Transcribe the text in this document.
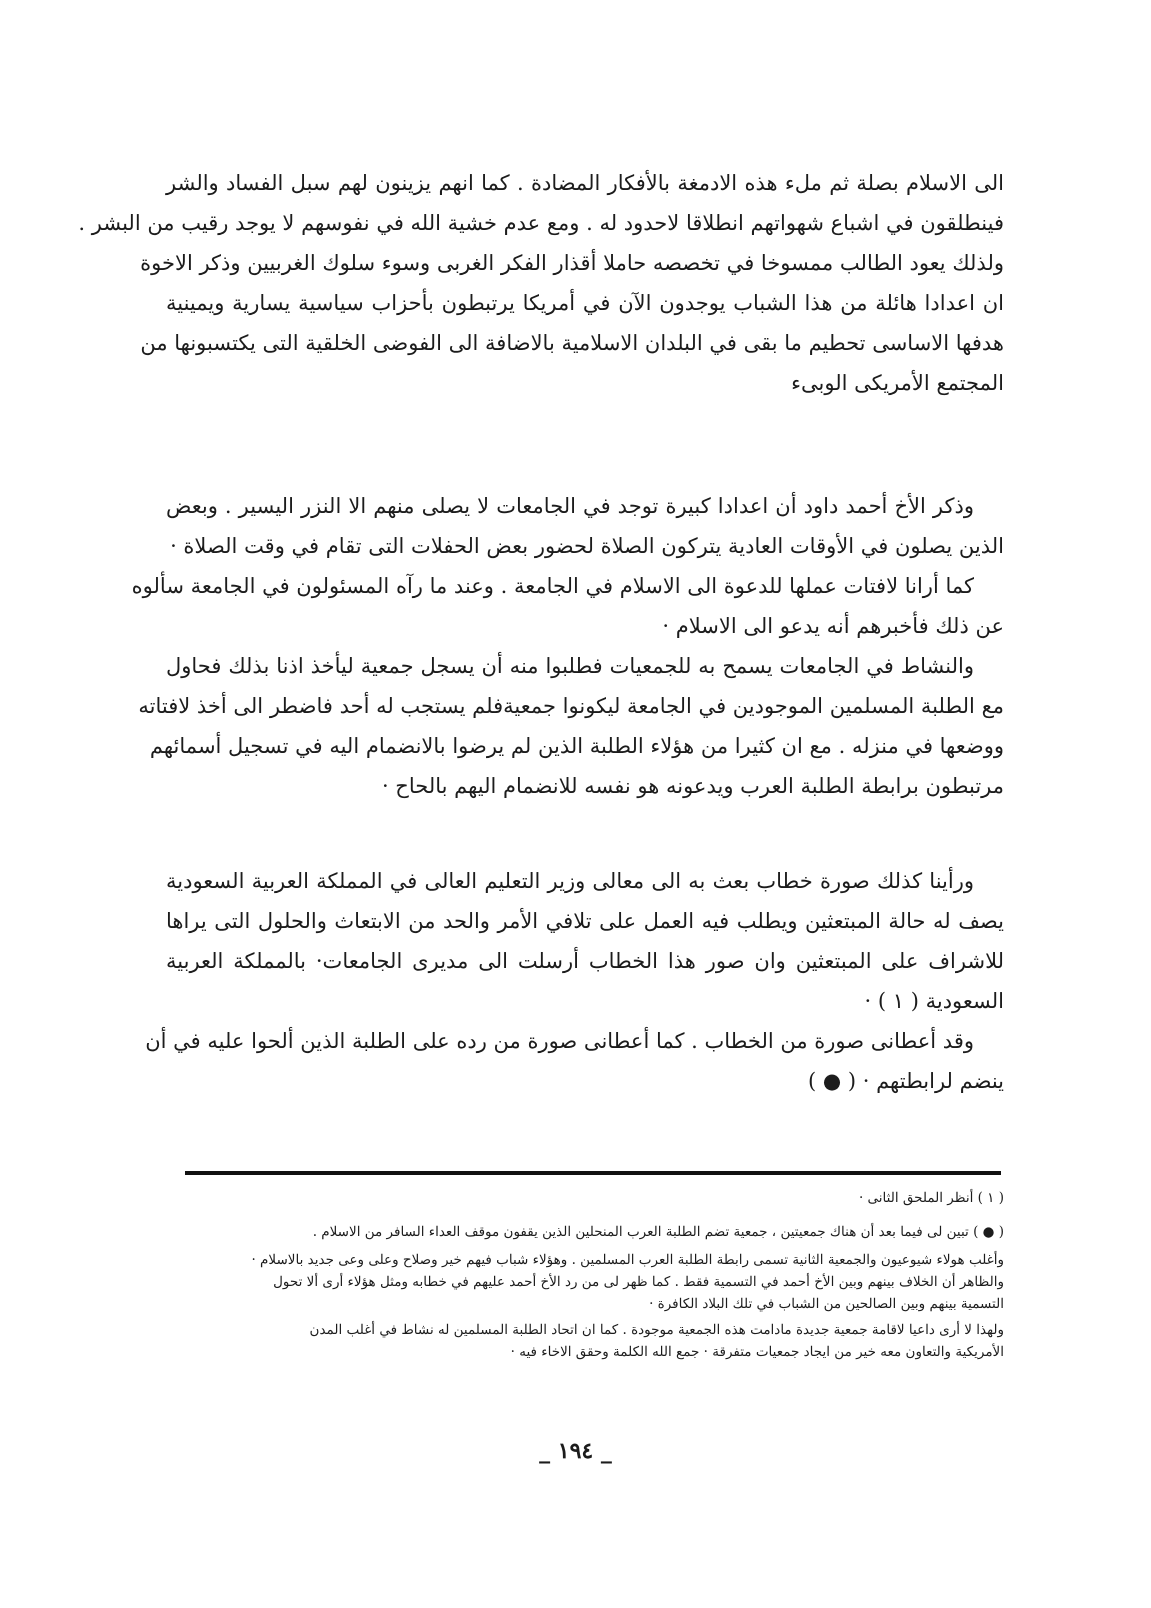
الى الاسلام بصلة ثم ملء هذه الادمغة بالأفكار المضادة . كما انهم يزينون لهم سبل الفساد والشر
فينطلقون في اشباع شهواتهم انطلاقا لاحدود له . ومع عدم خشية الله في نفوسهم لا يوجد رقيب من البشر .
ولذلك يعود الطالب ممسوخا في تخصصه حاملا أقذار الفكر الغربى وسوء سلوك الغربيين وذكر الاخوة
ان اعدادا هائلة من هذا الشباب يوجدون الآن في أمريكا يرتبطون بأحزاب سياسية يسارية ويمينية
هدفها الاساسى تحطيم ما بقى في البلدان الاسلامية بالاضافة الى الفوضى الخلقية التى يكتسبونها من
المجتمع الأمريكى الوبىء
وذكر الأخ أحمد داود أن اعدادا كبيرة توجد في الجامعات لا يصلى منهم الا النزر اليسير . وبعض
الذين يصلون في الأوقات العادية يتركون الصلاة لحضور بعض الحفلات التى تقام في وقت الصلاة ·
كما أرانا لافتات عملها للدعوة الى الاسلام في الجامعة . وعند ما رآه المسئولون في الجامعة سألوه
عن ذلك فأخبرهم أنه يدعو الى الاسلام ·
والنشاط في الجامعات يسمح به للجمعيات فطلبوا منه أن يسجل جمعية ليأخذ اذنا بذلك فحاول
مع الطلبة المسلمين الموجودين في الجامعة ليكونوا جمعيةفلم يستجب له أحد فاضطر الى أخذ لافتاته
ووضعها في منزله . مع ان كثيرا من هؤلاء الطلبة الذين لم يرضوا بالانضمام اليه في تسجيل أسمائهم
مرتبطون برابطة الطلبة العرب ويدعونه هو نفسه للانضمام اليهم بالحاح ·
ورأينا كذلك صورة خطاب بعث به الى معالى وزير التعليم العالى في المملكة العربية السعودية
يصف له حالة المبتعثين ويطلب فيه العمل على تلافي الأمر والحد من الابتعاث والحلول التى يراها
للاشراف على المبتعثين وان صور هذا الخطاب أرسلت الى مديرى الجامعات· بالمملكة العربية
السعودية ( ١ ) ·
وقد أعطانى صورة من الخطاب . كما أعطانى صورة من رده على الطلبة الذين ألحوا عليه في أن
ينضم لرابطتهم · ( ● )
( ١ ) أنظر الملحق الثانى ·
( ● ) تبين لى فيما بعد أن هناك جمعيتين ، جمعية تضم الطلبة العرب المنحلين الذين يقفون موقف العداء السافر من الاسلام .
وأغلب هولاء شيوعيون والجمعية الثانية تسمى رابطة الطلبة العرب المسلمين . وهؤلاء شباب فيهم خير وصلاح وعلى وعى جديد بالاسلام ·
والظاهر أن الخلاف بينهم وبين الأخ أحمد في التسمية فقط . كما ظهر لى من رد الأخ أحمد عليهم في خطابه ومثل هؤلاء أرى ألا تحول
التسمية بينهم وبين الصالحين من الشباب في تلك البلاد الكافرة ·
ولهذا لا أرى داعيا لاقامة جمعية جديدة مادامت هذه الجمعية موجودة . كما ان اتحاد الطلبة المسلمين له نشاط في أغلب المدن
الأمريكية والتعاون معه خير من ايجاد جمعيات متفرقة · جمع الله الكلمة وحقق الاخاء فيه ·
_ ١٩٤ _
